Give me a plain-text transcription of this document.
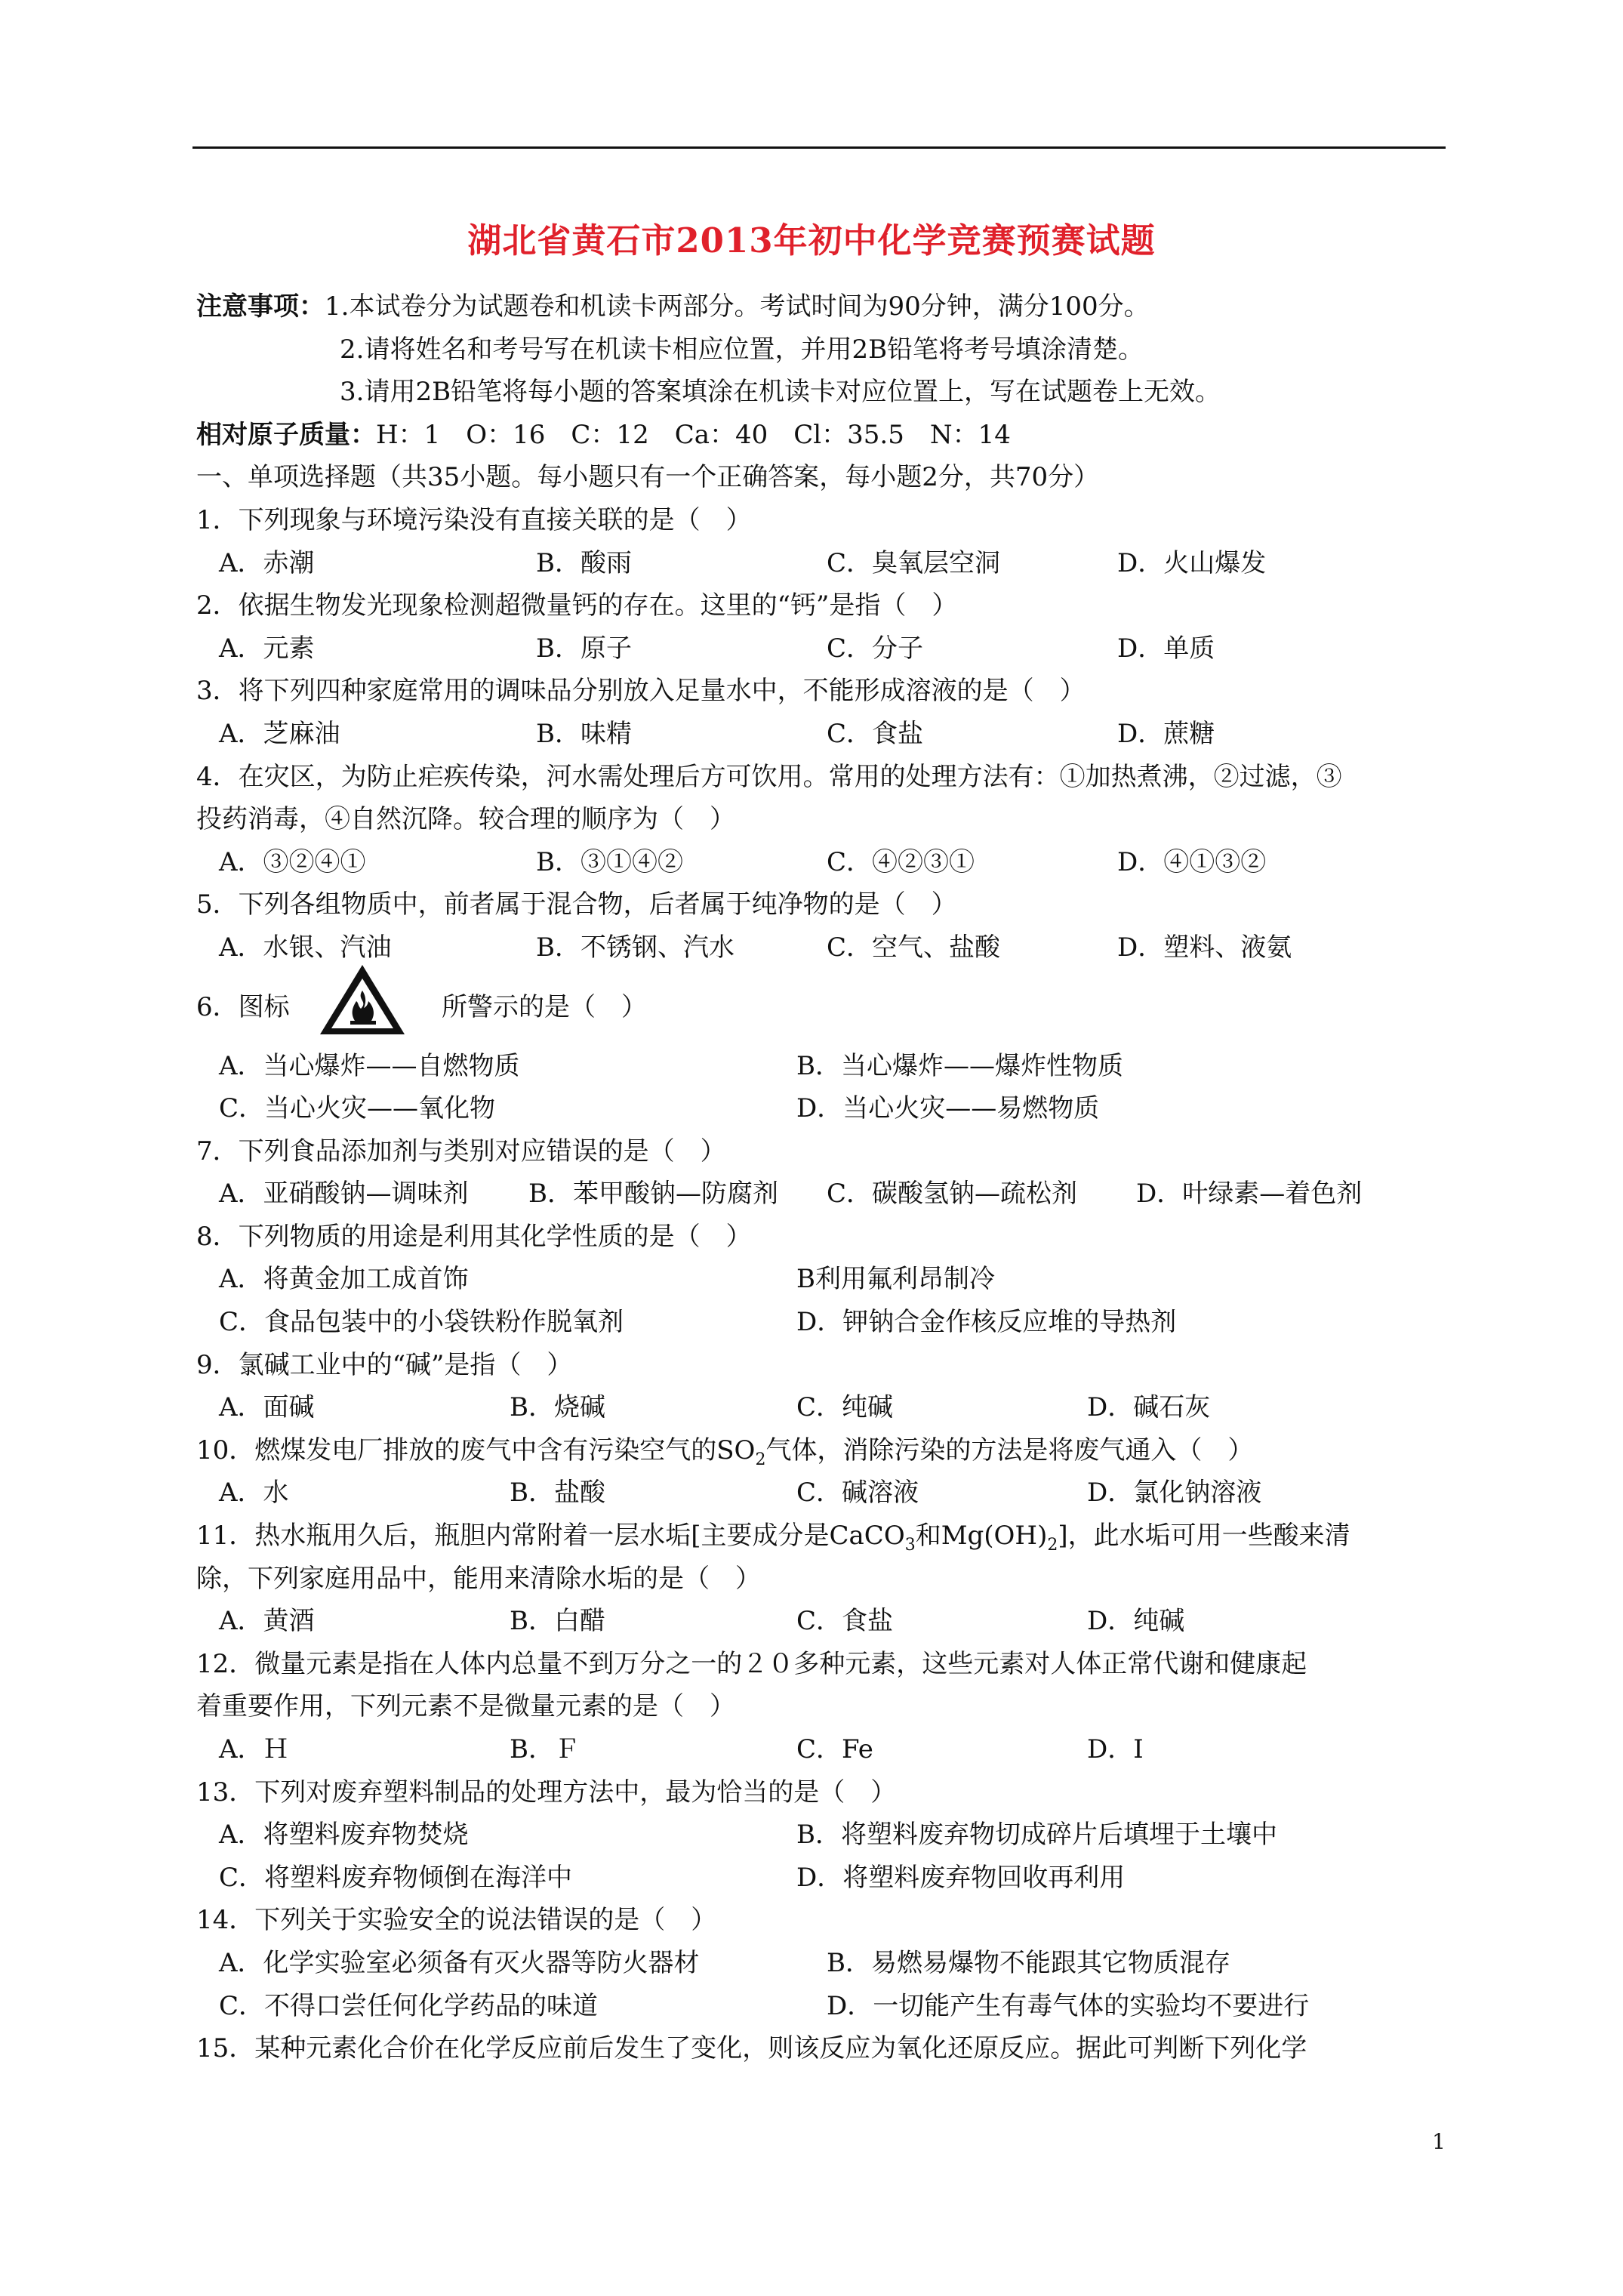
湖北省黄石市2013年初中化学竞赛预赛试题
注意事项：1.本试卷分为试题卷和机读卡两部分。考试时间为90分钟，满分100分。
2.请将姓名和考号写在机读卡相应位置，并用2B铅笔将考号填涂清楚。
3.请用2B铅笔将每小题的答案填涂在机读卡对应位置上，写在试题卷上无效。
相对原子质量：H：1　O：16　C：12　Ca：40　Cl：35.5　N：14
一、单项选择题（共35小题。每小题只有一个正确答案，每小题2分，共70分）
1．下列现象与环境污染没有直接关联的是（　）
A．赤潮	B．酸雨	C．臭氧层空洞	D．火山爆发
2．依据生物发光现象检测超微量钙的存在。这里的“钙”是指（　）
A．元素	B．原子	C．分子	D．单质
3．将下列四种家庭常用的调味品分别放入足量水中，不能形成溶液的是（　）
A．芝麻油	B．味精	C．食盐	D．蔗糖
4．在灾区，为防止疟疾传染，河水需处理后方可饮用。常用的处理方法有：①加热煮沸，②过滤，③
投药消毒，④自然沉降。较合理的顺序为（　）
A．③②④①	B．③①④②	C．④②③①	D．④①③②
5．下列各组物质中，前者属于混合物，后者属于纯净物的是（　）
A．水银、汽油	B．不锈钢、汽水	C．空气、盐酸	D．塑料、液氨
6．图标	所警示的是（　）
A．当心爆炸——自燃物质	B．当心爆炸——爆炸性物质
C．当心火灾——氧化物	D．当心火灾——易燃物质
7．下列食品添加剂与类别对应错误的是（　）
A．亚硝酸钠—调味剂 B．苯甲酸钠—防腐剂 C．碳酸氢钠—疏松剂 D．叶绿素—着色剂
8．下列物质的用途是利用其化学性质的是（　）
A．将黄金加工成首饰	B利用氟利昂制冷
C．食品包装中的小袋铁粉作脱氧剂	D．钾钠合金作核反应堆的导热剂
9．氯碱工业中的“碱”是指（　）
A．面碱	B．烧碱	C．纯碱	D．碱石灰
10．燃煤发电厂排放的废气中含有污染空气的$SO_2$气体，消除污染的方法是将废气通入（　）
A．水	B．盐酸	C．碱溶液	D．氯化钠溶液
11．热水瓶用久后，瓶胆内常附着一层水垢[主要成分是CaCO$_3$和$Mg(OH)_2$]，此水垢可用一些酸来清
除，下列家庭用品中，能用来清除水垢的是（　）
A．黄酒	B．白醋	C．食盐	D．纯碱
12．微量元素是指在人体内总量不到万分之一的２０多种元素，这些元素对人体正常代谢和健康起
着重要作用，下列元素不是微量元素的是（　）
A．Ｈ	B．Ｆ	C．Fe	D．I
13．下列对废弃塑料制品的处理方法中，最为恰当的是（　）
A．将塑料废弃物焚烧	B．将塑料废弃物切成碎片后填埋于土壤中
C．将塑料废弃物倾倒在海洋中	D．将塑料废弃物回收再利用
14．下列关于实验安全的说法错误的是（　）
A．化学实验室必须备有灭火器等防火器材	B．易燃易爆物不能跟其它物质混存
C．不得口尝任何化学药品的味道	D．一切能产生有毒气体的实验均不要进行
15．某种元素化合价在化学反应前后发生了变化，则该反应为氧化还原反应。据此可判断下列化学
1
